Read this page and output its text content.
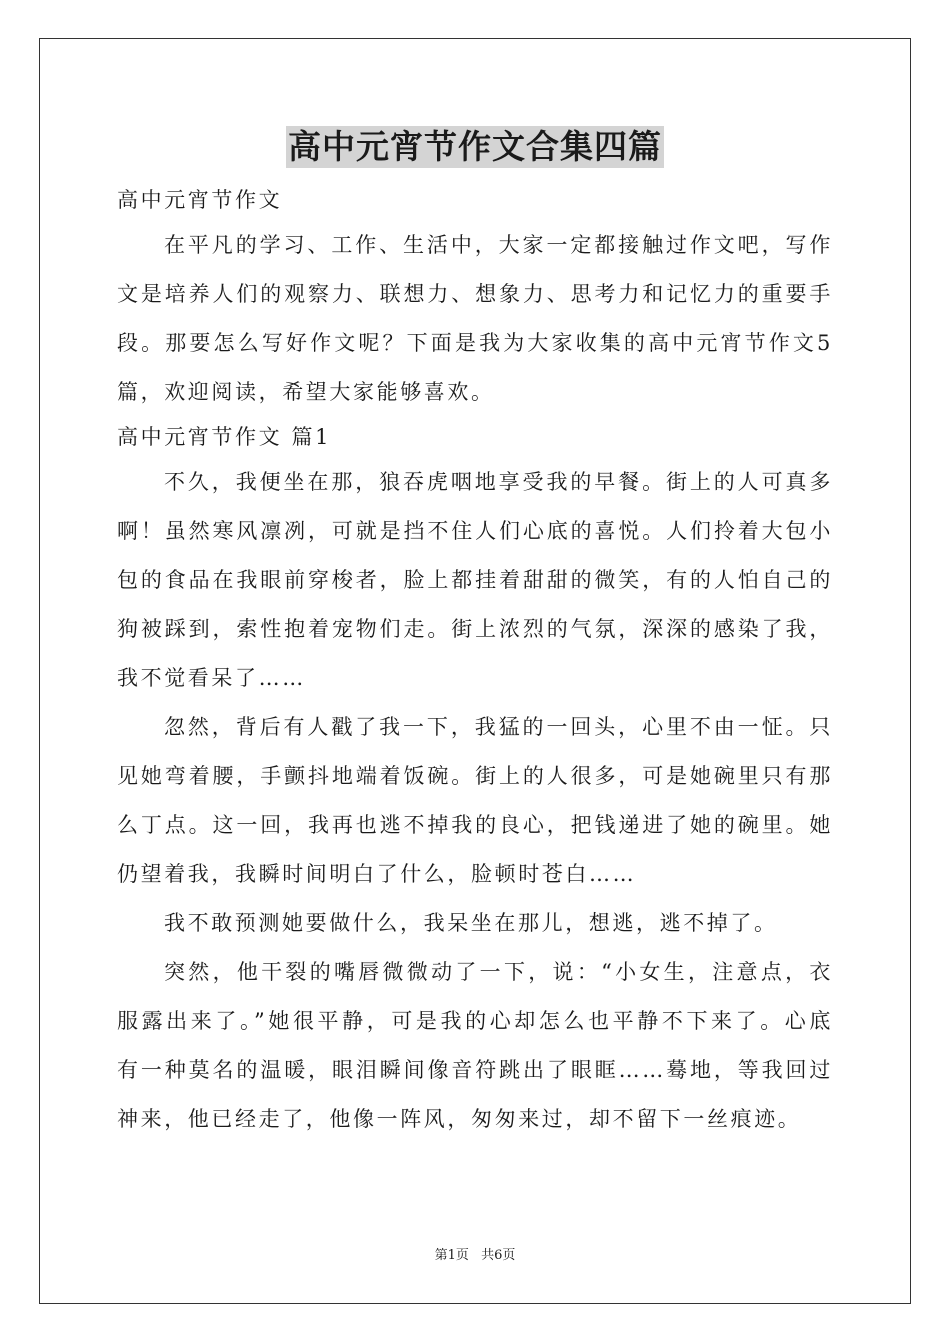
高中元宵节作文合集四篇
高中元宵节作文
在平凡的学习、工作、生活中，大家一定都接触过作文吧，写作
文是培养人们的观察力、联想力、想象力、思考力和记忆力的重要手
段。那要怎么写好作文呢？下面是我为大家收集的高中元宵节作文5
篇，欢迎阅读，希望大家能够喜欢。
高中元宵节作文 篇1
不久，我便坐在那，狼吞虎咽地享受我的早餐。街上的人可真多
啊！虽然寒风凛冽，可就是挡不住人们心底的喜悦。人们拎着大包小
包的食品在我眼前穿梭者，脸上都挂着甜甜的微笑，有的人怕自己的
狗被踩到，索性抱着宠物们走。街上浓烈的气氛，深深的感染了我，
我不觉看呆了……
忽然，背后有人戳了我一下，我猛的一回头，心里不由一怔。只
见她弯着腰，手颤抖地端着饭碗。街上的人很多，可是她碗里只有那
么丁点。这一回，我再也逃不掉我的良心，把钱递进了她的碗里。她
仍望着我，我瞬时间明白了什么，脸顿时苍白……
我不敢预测她要做什么，我呆坐在那儿，想逃，逃不掉了。
突然，他干裂的嘴唇微微动了一下，说：“小女生，注意点，衣
服露出来了。”她很平静，可是我的心却怎么也平静不下来了。心底
有一种莫名的温暖，眼泪瞬间像音符跳出了眼眶……蓦地，等我回过
神来，他已经走了，他像一阵风，匆匆来过，却不留下一丝痕迹。
第1页 共6页
